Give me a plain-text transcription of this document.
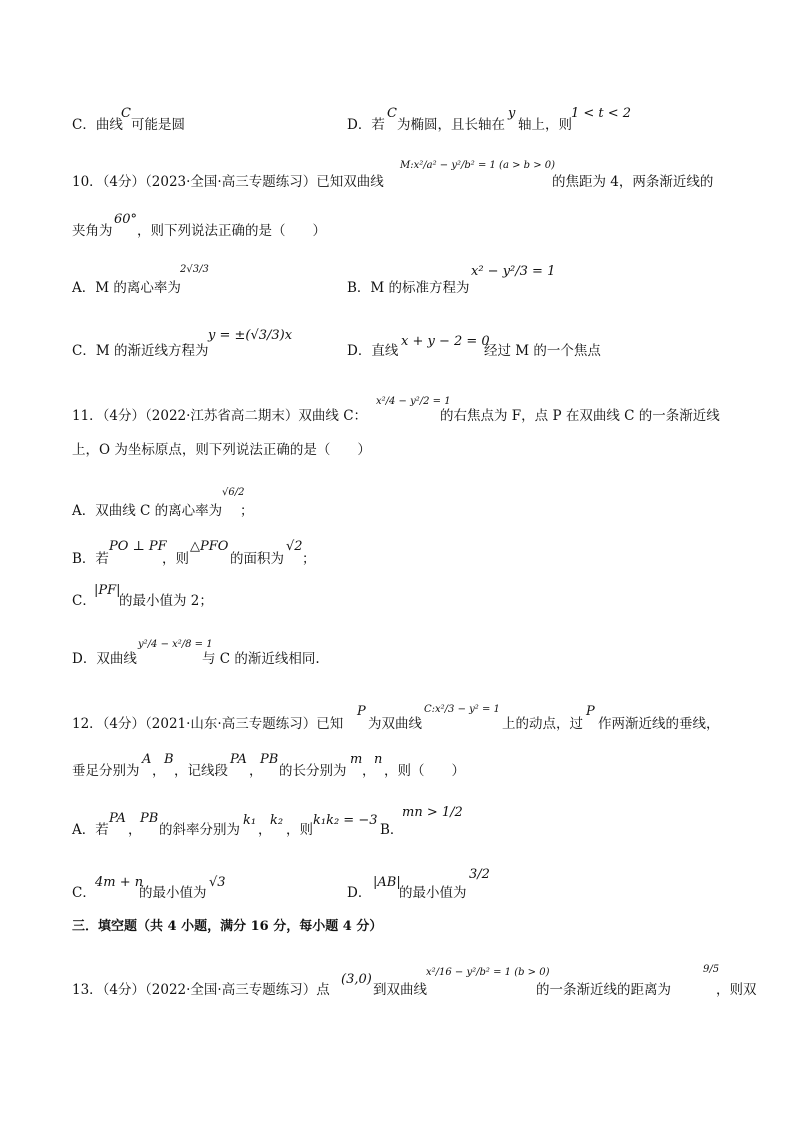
C．曲线
C
可能是圆	D．若
C
为椭圆，且长轴在
y
轴上，则
1 < t < 2
10．（4分）（2023·全国·高三专题练习）已知双曲线
M:x²/a² − y²/b² = 1 (a > b > 0)
的焦距为 4，两条渐近线的
夹角为
60°
，则下列说法正确的是（　　）
A．M 的离心率为
2√3/3
B．M 的标准方程为
x² − y²/3 = 1
C．M 的渐近线方程为
y = ±(√3/3)x
D．直线
x + y − 2 = 0
经过 M 的一个焦点
11．（4分）（2022·江苏省高二期末）双曲线 C：
x²/4 − y²/2 = 1
的右焦点为 F，点 P 在双曲线 C 的一条渐近线
上，O 为坐标原点，则下列说法正确的是（　　）
A．双曲线 C 的离心率为
√6/2
；
B．若
PO ⊥ PF
，则
△PFO
的面积为
√2
；
C．
|PF|
的最小值为 2；
D．双曲线
y²/4 − x²/8 = 1
与 C 的渐近线相同.
12．（4分）（2021·山东·高三专题练习）已知
P
为双曲线
C:x²/3 − y² = 1
上的动点，过
P
作两渐近线的垂线，
垂足分别为
A
，
B
，记线段
PA
，
PB
的长分别为
m
，
n
，则（　　）
A．若
PA
，
PB
的斜率分别为
k₁
，
k₂
，则
k₁k₂ = −3
B．
mn > 1/2
C．
4m + n
的最小值为
√3
D．
|AB|
的最小值为
3/2
三．填空题（共 4 小题，满分 16 分，每小题 4 分）
13．（4分）（2022·全国·高三专题练习）点
(3,0)
到双曲线
x²/16 − y²/b² = 1 (b > 0)
的一条渐近线的距离为
9/5
，则双
